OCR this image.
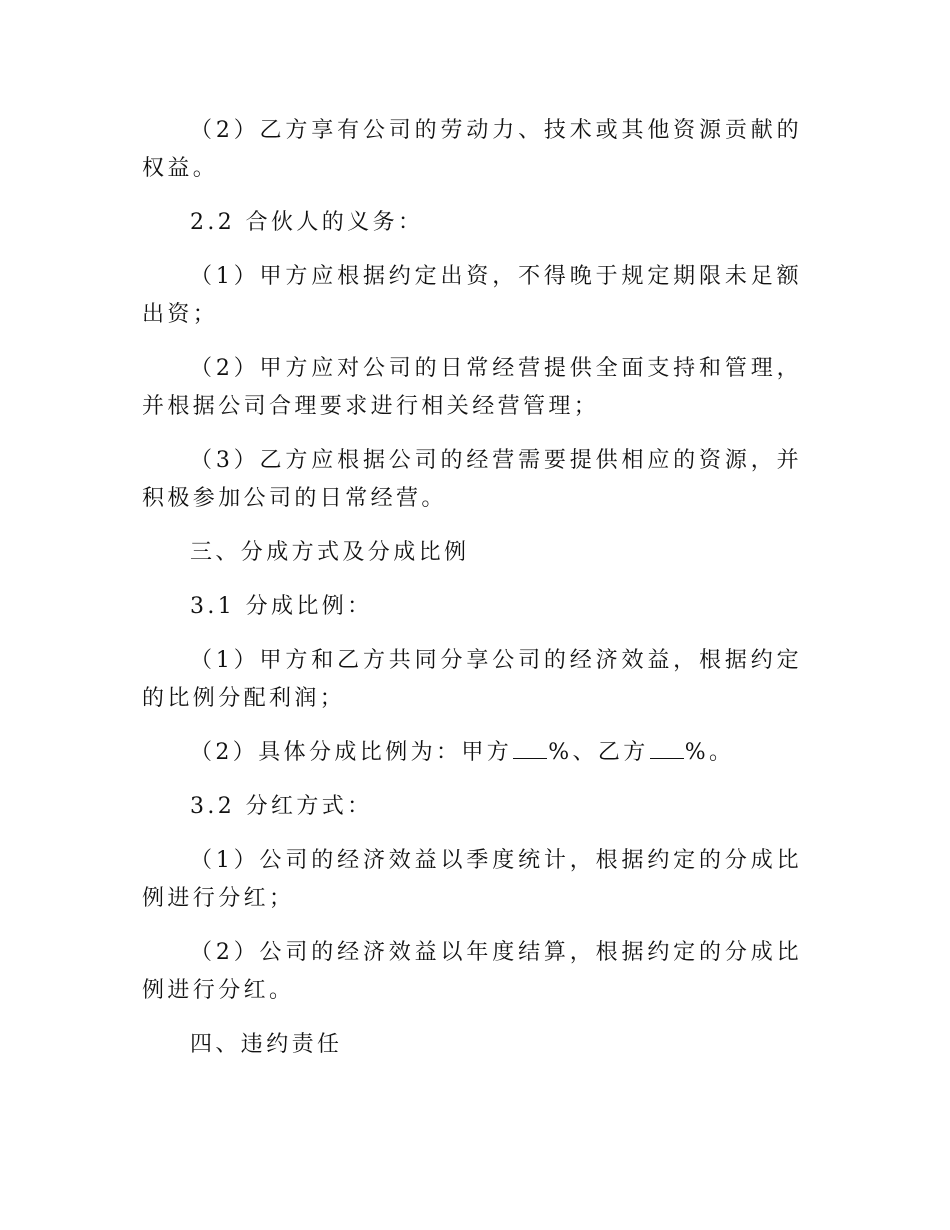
（2）乙方享有公司的劳动力、技术或其他资源贡献的权益。

2.2 合伙人的义务：

（1）甲方应根据约定出资，不得晚于规定期限未足额出资；

（2）甲方应对公司的日常经营提供全面支持和管理，并根据公司合理要求进行相关经营管理；

（3）乙方应根据公司的经营需要提供相应的资源，并积极参加公司的日常经营。

三、分成方式及分成比例

3.1 分成比例：

（1）甲方和乙方共同分享公司的经济效益，根据约定的比例分配利润；

（2）具体分成比例为：甲方 %、乙方 %。

3.2 分红方式：

（1）公司的经济效益以季度统计，根据约定的分成比例进行分红；

（2）公司的经济效益以年度结算，根据约定的分成比例进行分红。

四、违约责任
